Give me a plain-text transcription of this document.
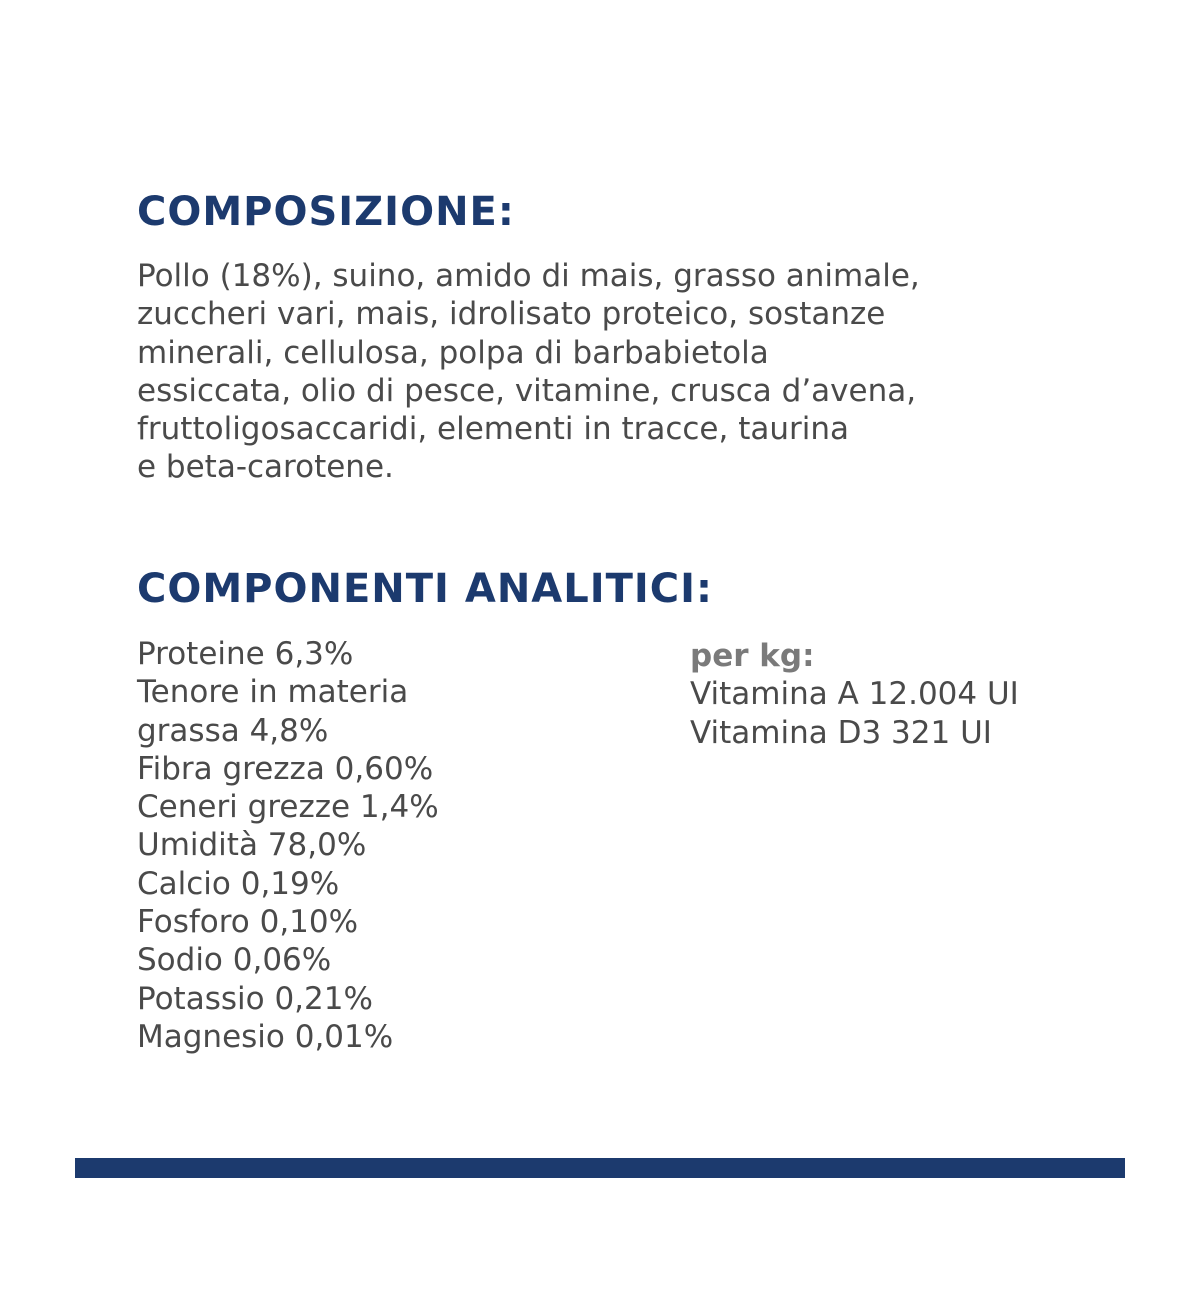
COMPOSIZIONE:

Pollo (18%), suino, amido di mais, grasso animale,
zuccheri vari, mais, idrolisato proteico, sostanze
minerali, cellulosa, polpa di barbabietola
essiccata, olio di pesce, vitamine, crusca d’avena,
fruttoligosaccaridi, elementi in tracce, taurina
e beta-carotene.

COMPONENTI ANALITICI:
Proteine 6,3%
Tenore in materia
grassa 4,8%
Fibra grezza 0,60%
Ceneri grezze 1,4%
Umidità 78,0%
Calcio 0,19%
Fosforo 0,10%
Sodio 0,06%
Potassio 0,21%
Magnesio 0,01%
per kg:
Vitamina A 12.004 UI
Vitamina D3 321 UI
